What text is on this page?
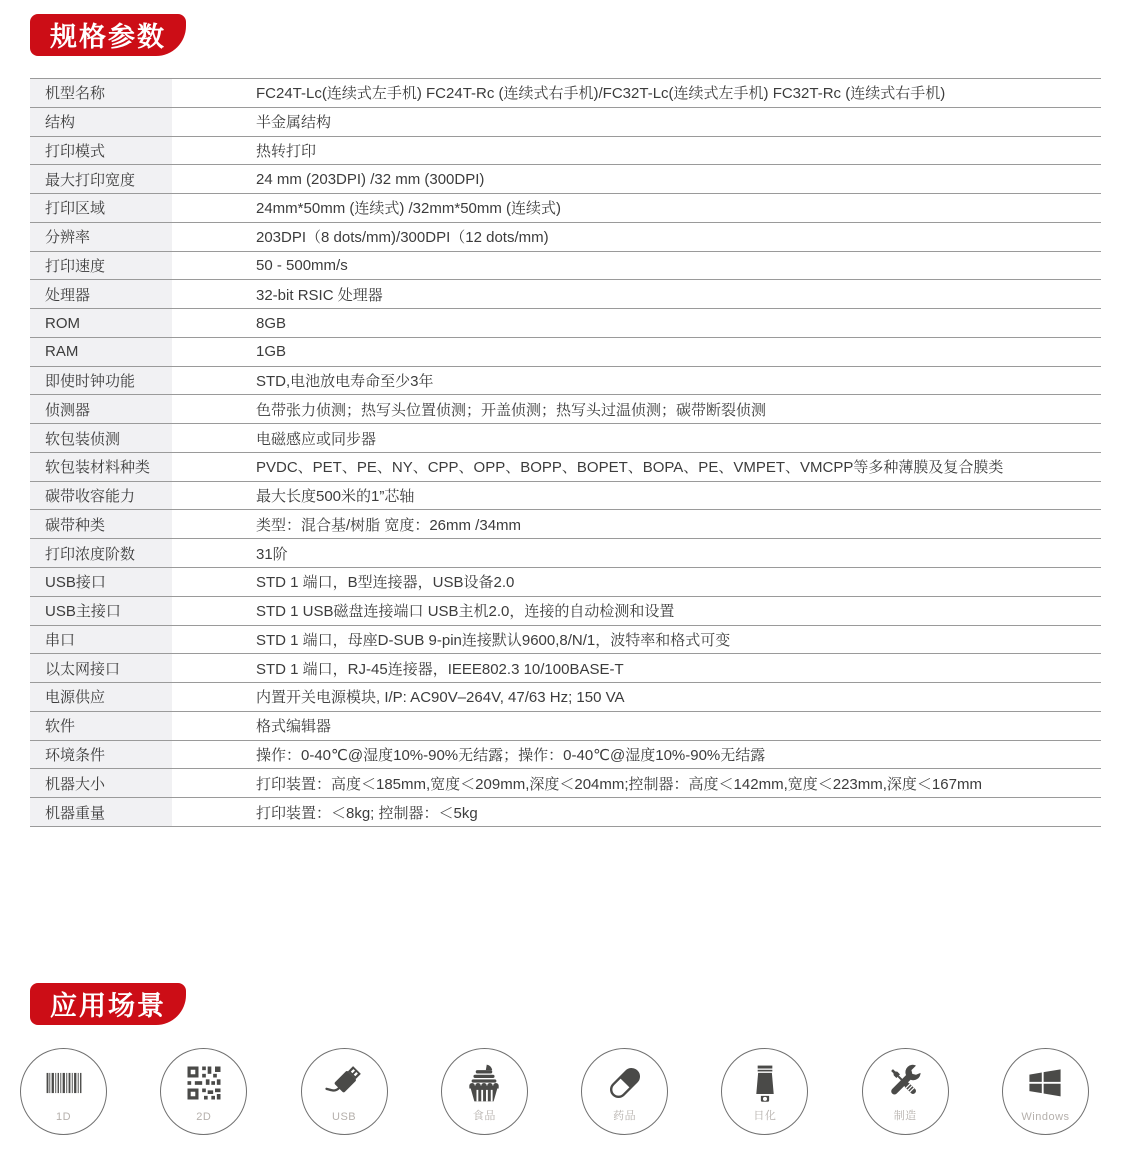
规格参数
机型名称	FC24T-Lc(连续式左手机) FC24T-Rc (连续式右手机)/FC32T-Lc(连续式左手机) FC32T-Rc (连续式右手机)
结构	半金属结构
打印模式	热转打印
最大打印宽度	24 mm (203DPI) /32 mm (300DPI)
打印区域	24mm*50mm (连续式) /32mm*50mm (连续式)
分辨率	203DPI（8 dots/mm)/300DPI（12 dots/mm)
打印速度	50 - 500mm/s
处理器	32-bit RSIC 处理器
ROM	8GB
RAM	1GB
即使时钟功能	STD,电池放电寿命至少3年
侦测器	色带张力侦测；热写头位置侦测；开盖侦测；热写头过温侦测；碳带断裂侦测
软包装侦测	电磁感应或同步器
软包装材料种类	PVDC、PET、PE、NY、CPP、OPP、BOPP、BOPET、BOPA、PE、VMPET、VMCPP等多种薄膜及复合膜类
碳带收容能力	最大长度500米的1”芯轴
碳带种类	类型：混合基/树脂 宽度：26mm /34mm
打印浓度阶数	31阶
USB接口	STD 1 端口，B型连接器，USB设备2.0
USB主接口	STD 1 USB磁盘连接端口 USB主机2.0，连接的自动检测和设置
串口	STD 1 端口，母座D-SUB 9-pin连接默认9600,8/N/1，波特率和格式可变
以太网接口	STD 1 端口，RJ-45连接器，IEEE802.3 10/100BASE-T
电源供应	内置开关电源模块, I/P: AC90V–264V, 47/63 Hz; 150 VA
软件	格式编辑器
环境条件	操作：0-40℃@湿度10%-90%无结露；操作：0-40℃@湿度10%-90%无结露
机器大小	打印装置：高度＜185mm,宽度＜209mm,深度＜204mm;控制器：高度＜142mm,宽度＜223mm,深度＜167mm
机器重量	打印装置：＜8kg; 控制器：＜5kg
应用场景
1D	2D	USB	食品	药品	日化	制造	Windows
